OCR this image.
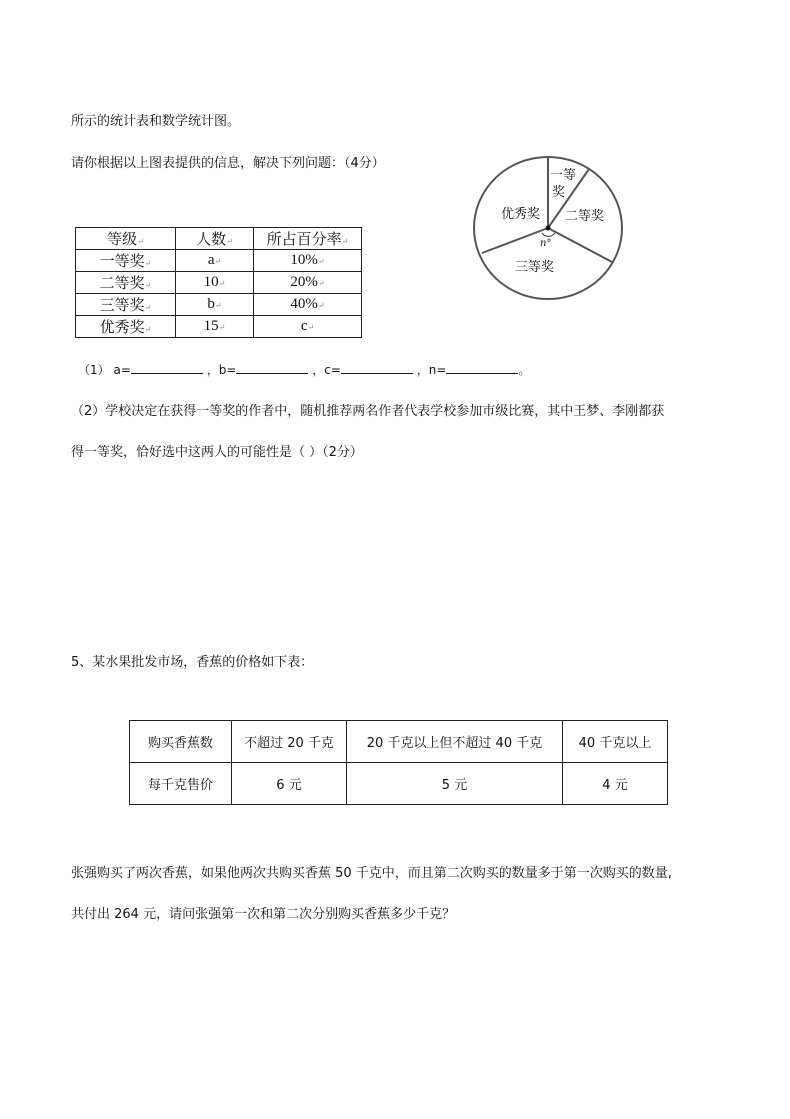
所示的统计表和数学统计图。
请你根据以上图表提供的信息，解决下列问题：（4分）
等级↵	人数↵	所占百分率↵
一等奖↵	a↵	10%↵
二等奖↵	10↵	20%↵
三等奖↵	b↵	40%↵
优秀奖↵	15↵	c↵
一等
奖
二等奖
三等奖
优秀奖
n°
（1） a=	，b=	，c=	，n=	。
（2）学校决定在获得一等奖的作者中，随机推荐两名作者代表学校参加市级比赛，其中王梦、李刚都获
得一等奖，恰好选中这两人的可能性是（ ）（2分）
5、某水果批发市场，香蕉的价格如下表：
购买香蕉数	不超过 20 千克	20 千克以上但不超过 40 千克	40 千克以上
每千克售价	6 元	5 元	4 元
张强购买了两次香蕉，如果他两次共购买香蕉 50 千克中，而且第二次购买的数量多于第一次购买的数量,
共付出 264 元，请问张强第一次和第二次分别购买香蕉多少千克？
